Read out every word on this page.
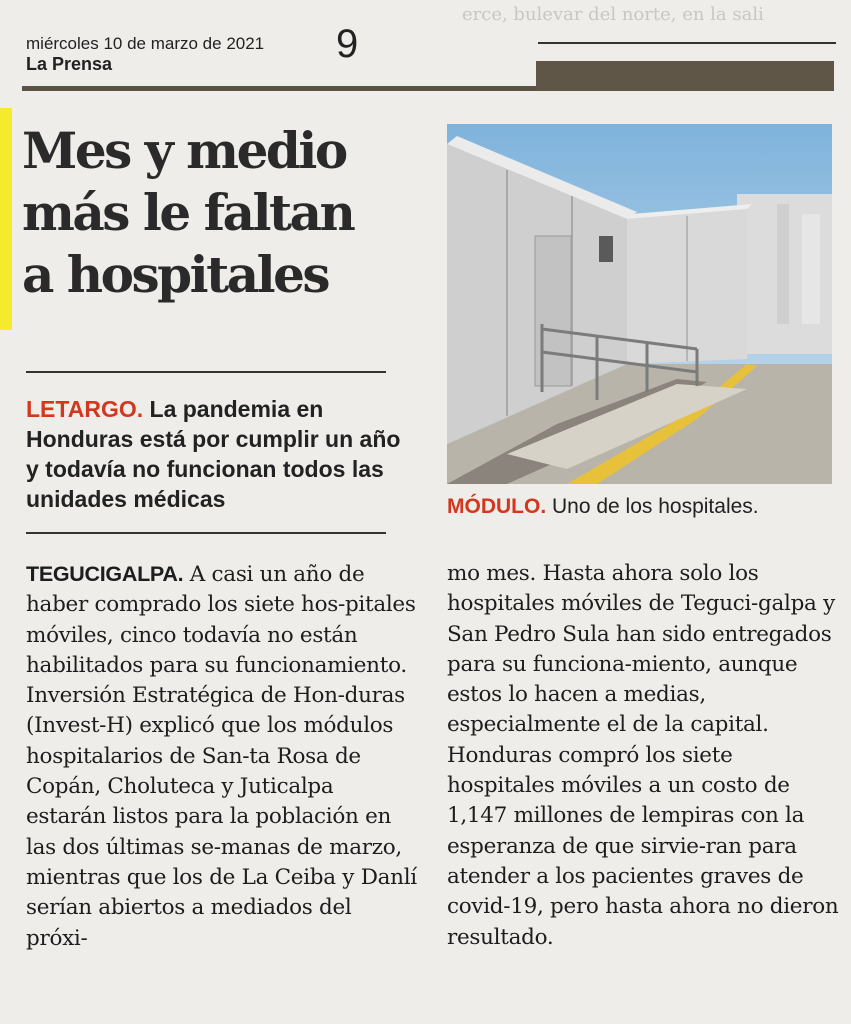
erce, bulevar del norte, en la sali
miércoles 10 de marzo de 2021
La Prensa	9
Mes y medio
más le faltan
a hospitales

LETARGO. La pandemia en Honduras está por cumplir un año y todavía no funcionan todos las unidades médicas	MÓDULO. Uno de los hospitales.

TEGUCIGALPA. A casi un año de haber comprado los siete hos-pitales móviles, cinco todavía no están habilitados para su funcionamiento.

Inversión Estratégica de Hon-duras (Invest-H) explicó que los módulos hospitalarios de San-ta Rosa de Copán, Choluteca y Juticalpa estarán listos para la población en las dos últimas se-manas de marzo, mientras que los de La Ceiba y Danlí serían abiertos a mediados del próxi-

mo mes. Hasta ahora solo los hospitales móviles de Teguci-galpa y San Pedro Sula han sido entregados para su funciona-miento, aunque estos lo hacen a medias, especialmente el de la capital.

Honduras compró los siete hospitales móviles a un costo de 1,147 millones de lempiras con la esperanza de que sirvie-ran para atender a los pacientes graves de covid-19, pero hasta ahora no dieron resultado.
